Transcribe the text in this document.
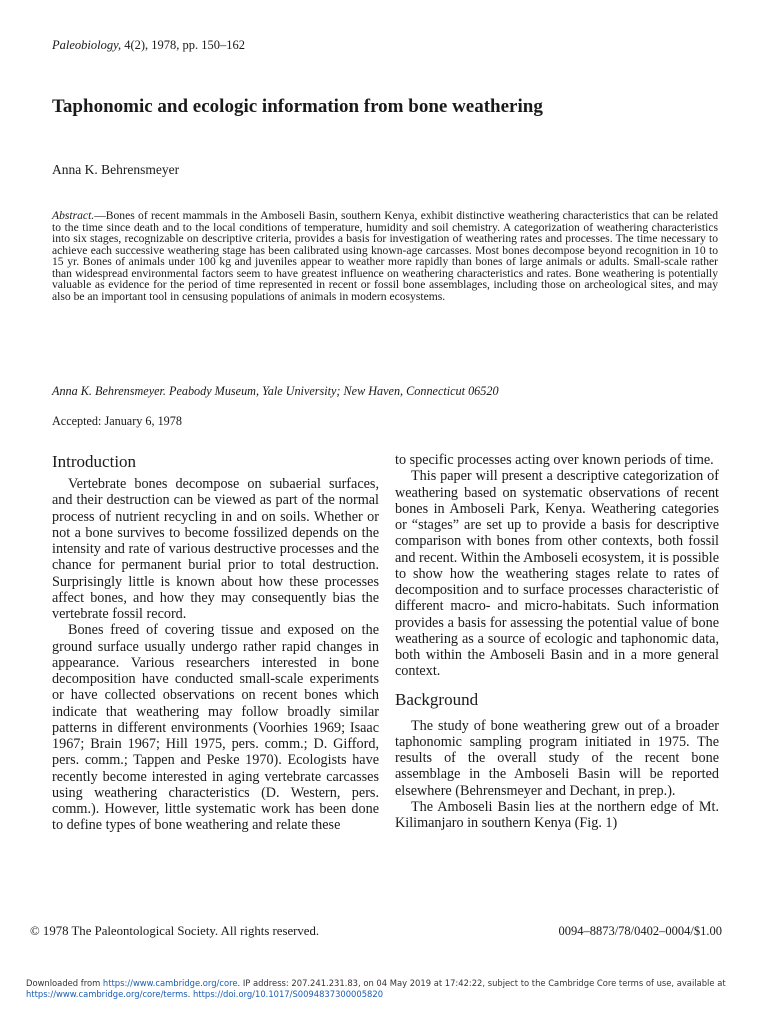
Paleobiology, 4(2), 1978, pp. 150–162
Taphonomic and ecologic information from bone weathering
Anna K. Behrensmeyer
Abstract.—Bones of recent mammals in the Amboseli Basin, southern Kenya, exhibit distinctive weathering characteristics that can be related to the time since death and to the local conditions of temperature, humidity and soil chemistry. A categorization of weathering characteristics into six stages, recognizable on descriptive criteria, provides a basis for investigation of weathering rates and processes. The time necessary to achieve each successive weathering stage has been calibrated using known-age carcasses. Most bones decompose beyond recognition in 10 to 15 yr. Bones of animals under 100 kg and juveniles appear to weather more rapidly than bones of large animals or adults. Small-scale rather than widespread environmental factors seem to have greatest influence on weathering characteristics and rates. Bone weathering is potentially valuable as evidence for the period of time represented in recent or fossil bone assemblages, including those on archeological sites, and may also be an important tool in censusing populations of animals in modern ecosystems.
Anna K. Behrensmeyer. Peabody Museum, Yale University; New Haven, Connecticut 06520
Accepted: January 6, 1978
Introduction

Vertebrate bones decompose on subaerial surfaces, and their destruction can be viewed as part of the normal process of nutrient recycling in and on soils. Whether or not a bone survives to become fossilized depends on the intensity and rate of various destructive processes and the chance for permanent burial prior to total destruction. Surprisingly little is known about how these processes affect bones, and how they may consequently bias the vertebrate fossil record.

Bones freed of covering tissue and exposed on the ground surface usually undergo rather rapid changes in appearance. Various researchers interested in bone decomposition have conducted small-scale experiments or have collected observations on recent bones which indicate that weathering may follow broadly similar patterns in different environments (Voorhies 1969; Isaac 1967; Brain 1967; Hill 1975, pers. comm.; D. Gifford, pers. comm.; Tappen and Peske 1970). Ecologists have recently become interested in aging vertebrate carcasses using weathering characteristics (D. Western, pers. comm.). However, little systematic work has been done to define types of bone weathering and relate these

to specific processes acting over known periods of time.

This paper will present a descriptive categorization of weathering based on systematic observations of recent bones in Amboseli Park, Kenya. Weathering categories or “stages” are set up to provide a basis for descriptive comparison with bones from other contexts, both fossil and recent. Within the Amboseli ecosystem, it is possible to show how the weathering stages relate to rates of decomposition and to surface processes characteristic of different macro- and micro-habitats. Such information provides a basis for assessing the potential value of bone weathering as a source of ecologic and taphonomic data, both within the Amboseli Basin and in a more general context.

Background

The study of bone weathering grew out of a broader taphonomic sampling program initiated in 1975. The results of the overall study of the recent bone assemblage in the Amboseli Basin will be reported elsewhere (Behrensmeyer and Dechant, in prep.).

The Amboseli Basin lies at the northern edge of Mt. Kilimanjaro in southern Kenya (Fig. 1)

© 1978 The Paleontological Society. All rights reserved.	0094–8873/78/0402–0004/$1.00
Downloaded from https://www.cambridge.org/core. IP address: 207.241.231.83, on 04 May 2019 at 17:42:22, subject to the Cambridge Core terms of use, available at https://www.cambridge.org/core/terms. https://doi.org/10.1017/S0094837300005820
